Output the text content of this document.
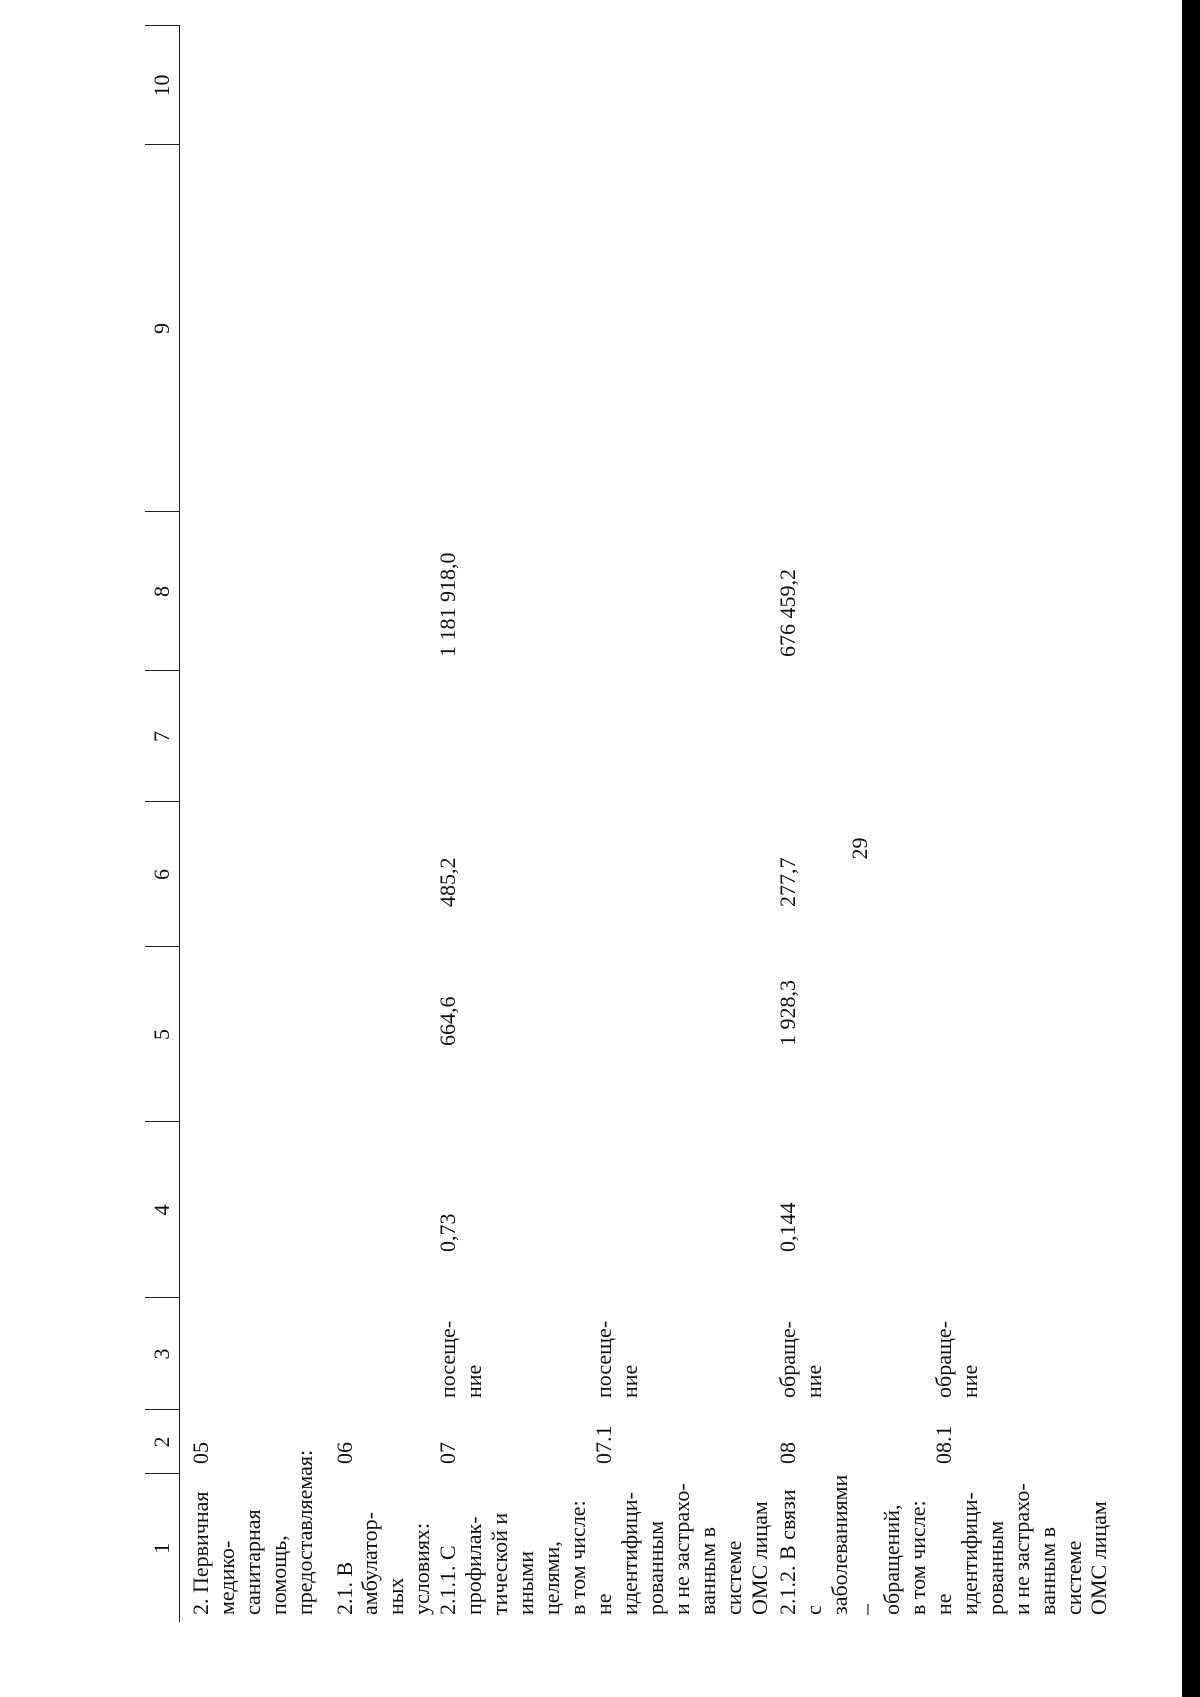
29
1	2	3	4	5	6	7	8	9	10

2. Первичная
медико-санитарная
помощь,
предоставляемая:	05	

2.1. В амбулатор-
ных условиях:	06	

2.1.1. С профилак-
тической и иными
целями,
в том числе:	07	посеще-
ние	0,73	664,6	485,2		1 181 918,0		

не идентифици-
рованным
и не застрахо-
ванным в системе
ОМС лицам	07.1	посеще-
ние							

2.1.2. В связи
с заболеваниями –
обращений,
в том числе:	08	обраще-
ние	0,144	1 928,3	277,7		676 459,2		

не идентифици-
рованным
и не застрахо-
ванным в системе
ОМС лицам	08.1	обраще-
ние							
